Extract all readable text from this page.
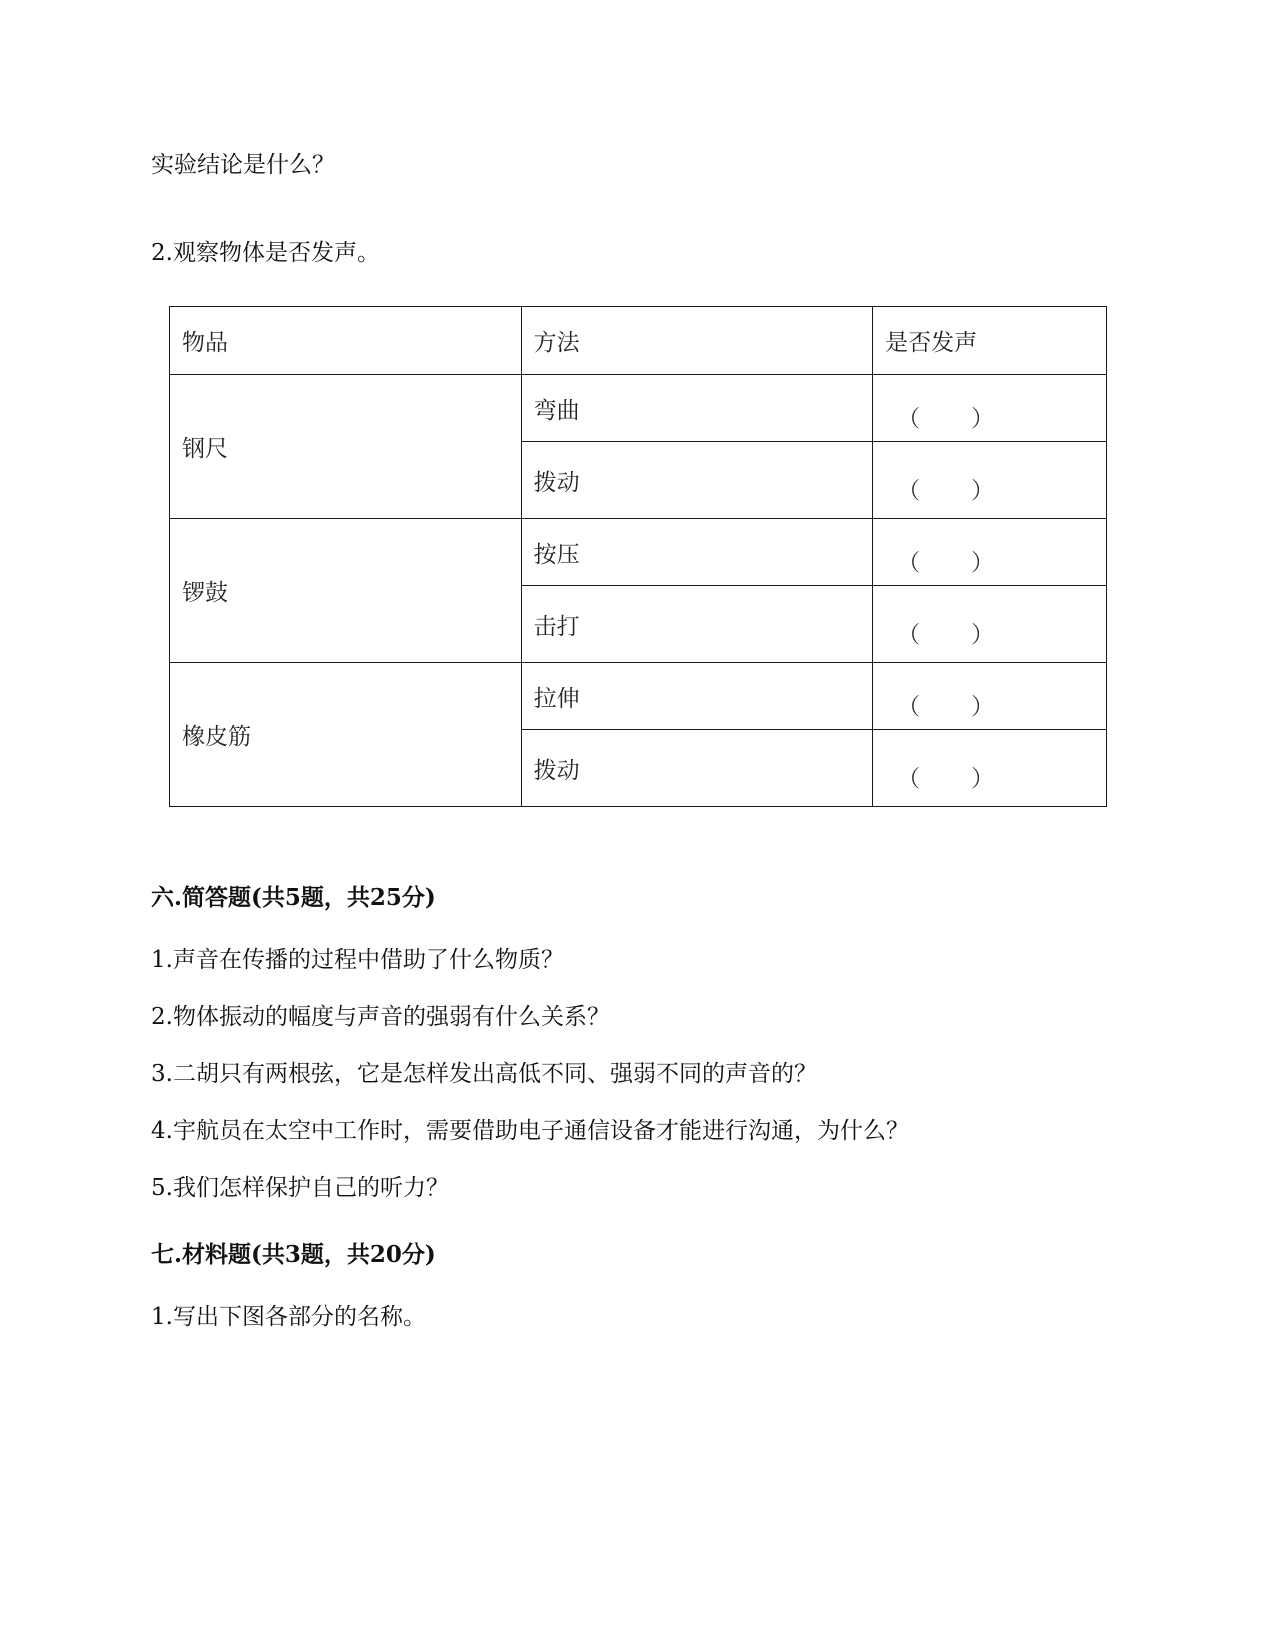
实验结论是什么？
2.观察物体是否发声。
物品	方法	是否发声
钢尺	弯曲	（ ）

	拨动	（ ）

锣鼓	按压	（ ）

	击打	（ ）

橡皮筋	拉伸	（ ）

	拨动	（ ）
六.简答题(共5题，共25分)
1.声音在传播的过程中借助了什么物质？
2.物体振动的幅度与声音的强弱有什么关系？
3.二胡只有两根弦，它是怎样发出高低不同、强弱不同的声音的？
4.宇航员在太空中工作时，需要借助电子通信设备才能进行沟通，为什么？
5.我们怎样保护自己的听力？
七.材料题(共3题，共20分)
1.写出下图各部分的名称。
